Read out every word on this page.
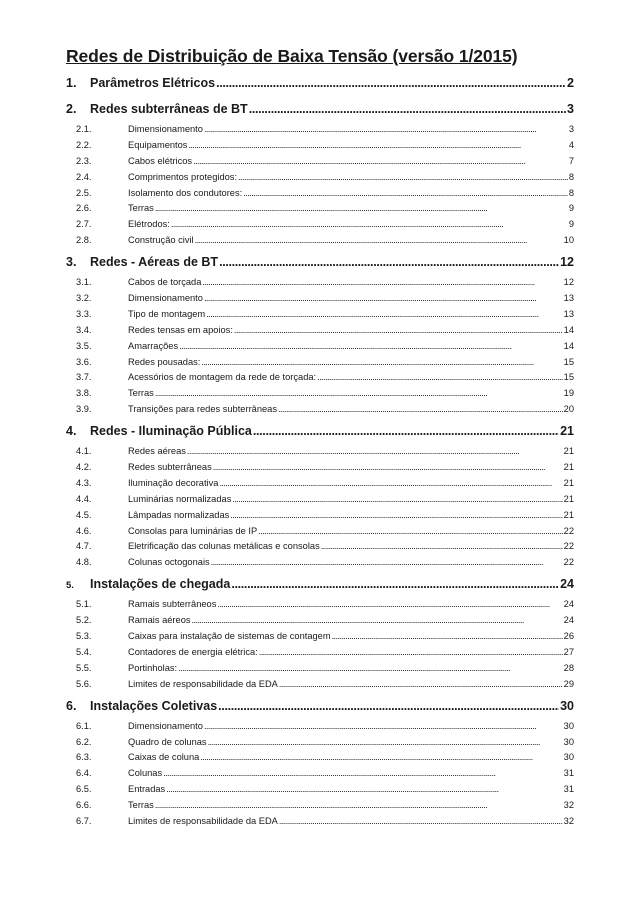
Redes de Distribuição de Baixa Tensão (versão 1/2015)
1.	Parâmetros Elétricos . . .	2
2.	Redes subterrâneas de BT . . .	3
2.1.	Dimensionamento . . .	3
2.2.	Equipamentos . . .	4
2.3.	Cabos elétricos . . .	7
2.4.	Comprimentos protegidos: . . .	8
2.5.	Isolamento dos condutores: . . .	8
2.6.	Terras . . .	9
2.7.	Elétrodos: . . .	9
2.8.	Construção civil . . .	10
3.	Redes - Aéreas de BT . . .	12
3.1.	Cabos de torçada . . .	12
3.2.	Dimensionamento . . .	13
3.3.	Tipo de montagem . . .	13
3.4.	Redes tensas em apoios: . . .	14
3.5.	Amarrações . . .	14
3.6.	Redes pousadas: . . .	15
3.7.	Acessórios de montagem da rede de torçada: . . .	15
3.8.	Terras . . .	19
3.9.	Transições para redes subterrâneas . . .	20
4.	Redes - Iluminação Pública . . .	21
4.1.	Redes aéreas . . .	21
4.2.	Redes subterrâneas . . .	21
4.3.	Iluminação decorativa . . .	21
4.4.	Luminárias normalizadas . . .	21
4.5.	Lâmpadas normalizadas . . .	21
4.6.	Consolas para luminárias de IP . . .	22
4.7.	Eletrificação das colunas metálicas e consolas . . .	22
4.8.	Colunas octogonais . . .	22
5.	Instalações de chegada . . .	24
5.1.	Ramais subterrâneos . . .	24
5.2.	Ramais aéreos . . .	24
5.3.	Caixas para instalação de sistemas de contagem . . .	26
5.4.	Contadores de energia elétrica: . . .	27
5.5.	Portinholas: . . .	28
5.6.	Limites de responsabilidade da EDA . . .	29
6.	Instalações Coletivas . . .	30
6.1.	Dimensionamento . . .	30
6.2.	Quadro de colunas . . .	30
6.3.	Caixas de coluna . . .	30
6.4.	Colunas . . .	31
6.5.	Entradas . . .	31
6.6.	Terras . . .	32
6.7.	Limites de responsabilidade da EDA . . .	32
